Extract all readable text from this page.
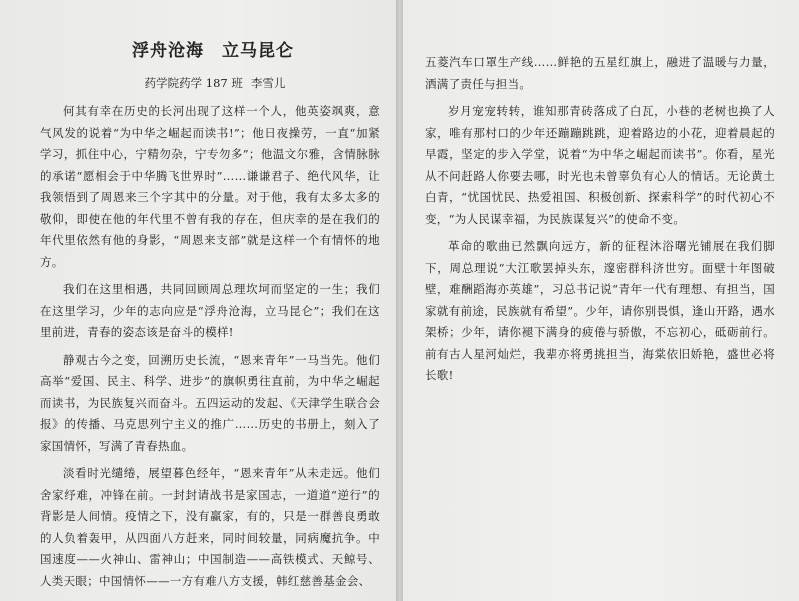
浮舟沧海 立马昆仑
药学院药学 187 班 李雪儿

何其有幸在历史的长河出现了这样一个人，他英姿飒爽，意气风发的说着“为中华之崛起而读书!”；他日夜操劳，一直“加紧学习，抓住中心，宁精勿杂，宁专勿多”；他温文尔雅，含情脉脉的承诺“愿相会于中华腾飞世界时”……谦谦君子、绝代风华，让我领悟到了周恩来三个字其中的分量。对于他，我有太多太多的敬仰，即使在他的年代里不曾有我的存在，但庆幸的是在我们的年代里依然有他的身影，“周恩来支部”就是这样一个有情怀的地方。

我们在这里相遇，共同回顾周总理坎坷而坚定的一生；我们在这里学习，少年的志向应是“浮舟沧海，立马昆仑”；我们在这里前进，青春的姿态该是奋斗的模样!

静观古今之变，回溯历史长流，“恩来青年”一马当先。他们高举“爱国、民主、科学、进步”的旗帜勇往直前，为中华之崛起而读书，为民族复兴而奋斗。五四运动的发起、《天津学生联合会报》的传播、马克思列宁主义的推广……历史的书册上，刻入了家国情怀，写满了青春热血。

淡看时光缱绻，展望暮色经年，“恩来青年”从未走远。他们舍家纾难，冲锋在前。一封封请战书是家国志，一道道“逆行”的背影是人间情。疫情之下，没有赢家，有的，只是一群善良勇敢的人负着轰甲，从四面八方赶来，同时间较量，同病魔抗争。中国速度——火神山、雷神山；中国制造——高铁模式、天鲸号、人类天眼；中国情怀——一方有难八方支援，韩红慈善基金会、

五菱汽车口罩生产线……鲜艳的五星红旗上，融进了温暖与力量，洒满了责任与担当。

岁月宠宠转转，谁知那青砖落成了白瓦，小巷的老树也换了人家，唯有那村口的少年还蹦蹦跳跳，迎着路边的小花，迎着晨起的早霞，坚定的步入学堂，说着“为中华之崛起而读书”。你看，星光从不问赶路人你要去哪，时光也未曾辜负有心人的情话。无论黄土白青，“忧国忧民、热爱祖国、积极创新、探索科学”的时代初心不变，“为人民谋幸福，为民族谋复兴”的使命不变。

革命的歌曲已然飘向远方，新的征程沐浴曙光铺展在我们脚下，周总理说“大江歌罢掉头东，邃密群科济世穷。面壁十年图破壁，难酬蹈海亦英雄”，习总书记说“青年一代有理想、有担当，国家就有前途，民族就有希望”。少年，请你别畏惧，逢山开路，遇水架桥；少年，请你褪下满身的疲倦与骄傲，不忘初心，砥砺前行。前有古人星河灿烂，我辈亦将勇挑担当，海棠依旧娇艳，盛世必将长歌!
